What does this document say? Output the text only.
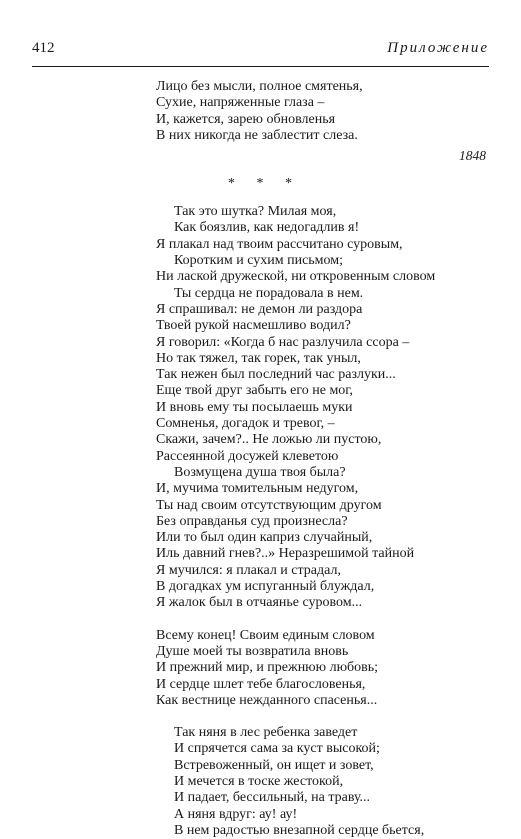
412	Приложение
Лицо без мысли, полное смятенья,
Сухие, напряженные глаза –
И, кажется, зарею обновленья
В них никогда не заблестит слеза.
1848
* * *
Так это шутка? Милая моя,
Как боязлив, как недогадлив я!
Я плакал над твоим рассчитано суровым,
Коротким и сухим письмом;
Ни лаской дружеской, ни откровенным словом
Ты сердца не порадовала в нем.
Я спрашивал: не демон ли раздора
Твоей рукой насмешливо водил?
Я говорил: «Когда б нас разлучила ссора –
Но так тяжел, так горек, так уныл,
Так нежен был последний час разлуки...
Еще твой друг забыть его не мог,
И вновь ему ты посылаешь муки
Сомненья, догадок и тревог, –
Скажи, зачем?.. Не ложью ли пустою,
Рассеянной досужей клеветою
Возмущена душа твоя была?
И, мучима томительным недугом,
Ты над своим отсутствующим другом
Без оправданья суд произнесла?
Или то был один каприз случайный,
Иль давний гнев?..» Неразрешимой тайной
Я мучился: я плакал и страдал,
В догадках ум испуганный блуждал,
Я жалок был в отчаянье суровом...
Всему конец! Своим единым словом
Душе моей ты возвратила вновь
И прежний мир, и прежнюю любовь;
И сердце шлет тебе благословенья,
Как вестнице нежданного спасенья...
Так няня в лес ребенка заведет
И спрячется сама за куст высокой;
Встревоженный, он ищет и зовет,
И мечется в тоске жестокой,
И падает, бессильный, на траву...
А няня вдруг: ау! ау!
В нем радостью внезапной сердце бьется,
